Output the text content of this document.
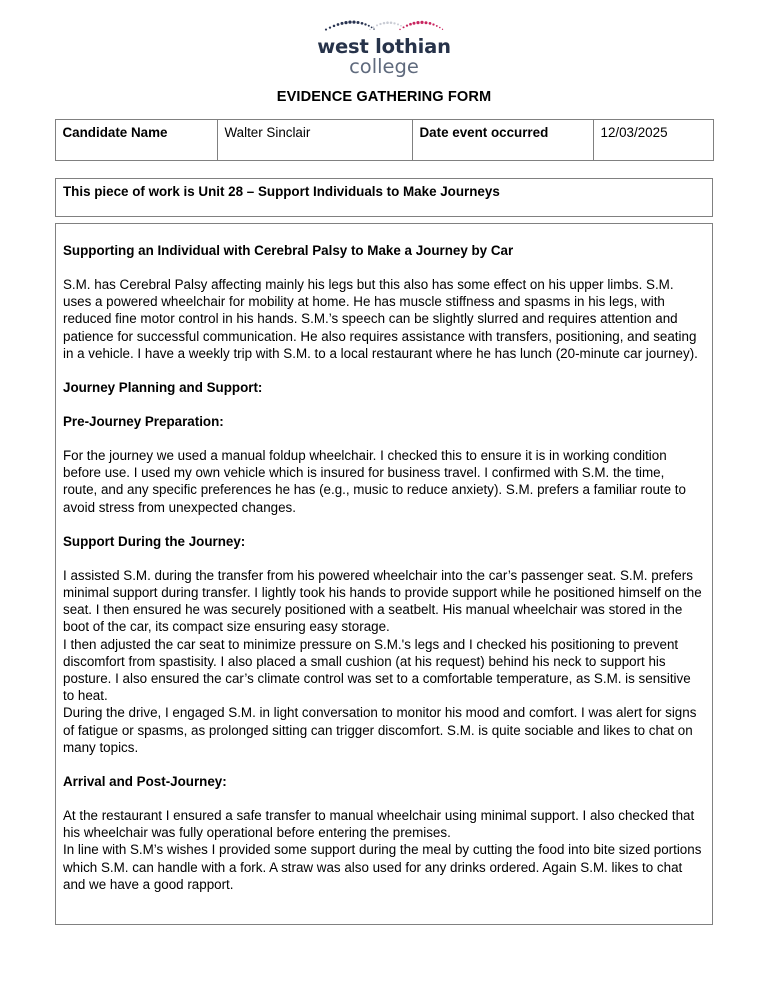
west lothian
college
EVIDENCE GATHERING FORM
Candidate Name	Walter Sinclair	Date event occurred	12/03/2025
This piece of work is Unit 28 – Support Individuals to Make Journeys
Supporting an Individual with Cerebral Palsy to Make a Journey by Car

S.M. has Cerebral Palsy affecting mainly his legs but this also has some effect on his upper limbs. S.M. uses a powered wheelchair for mobility at home. He has muscle stiffness and spasms in his legs, with reduced fine motor control in his hands. S.M.’s speech can be slightly slurred and requires attention and patience for successful communication. He also requires assistance with transfers, positioning, and seating in a vehicle. I have a weekly trip with S.M. to a local restaurant where he has lunch (20-minute car journey).

Journey Planning and Support:
Pre-Journey Preparation:

For the journey we used a manual foldup wheelchair. I checked this to ensure it is in working condition before use. I used my own vehicle which is insured for business travel. I confirmed with S.M. the time, route, and any specific preferences he has (e.g., music to reduce anxiety). S.M. prefers a familiar route to avoid stress from unexpected changes.

Support During the Journey:

I assisted S.M. during the transfer from his powered wheelchair into the car’s passenger seat. S.M. prefers minimal support during transfer. I lightly took his hands to provide support while he positioned himself on the seat. I then ensured he was securely positioned with a seatbelt. His manual wheelchair was stored in the boot of the car, its compact size ensuring easy storage.

I then adjusted the car seat to minimize pressure on S.M.'s legs and I checked his positioning to prevent discomfort from spastisity. I also placed a small cushion (at his request) behind his neck to support his posture. I also ensured the car’s climate control was set to a comfortable temperature, as S.M. is sensitive to heat.

During the drive, I engaged S.M. in light conversation to monitor his mood and comfort. I was alert for signs of fatigue or spasms, as prolonged sitting can trigger discomfort. S.M. is quite sociable and likes to chat on many topics.

Arrival and Post-Journey:

At the restaurant I ensured a safe transfer to manual wheelchair using minimal support. I also checked that his wheelchair was fully operational before entering the premises.

In line with S.M’s wishes I provided some support during the meal by cutting the food into bite sized portions which S.M. can handle with a fork. A straw was also used for any drinks ordered. Again S.M. likes to chat and we have a good rapport.
